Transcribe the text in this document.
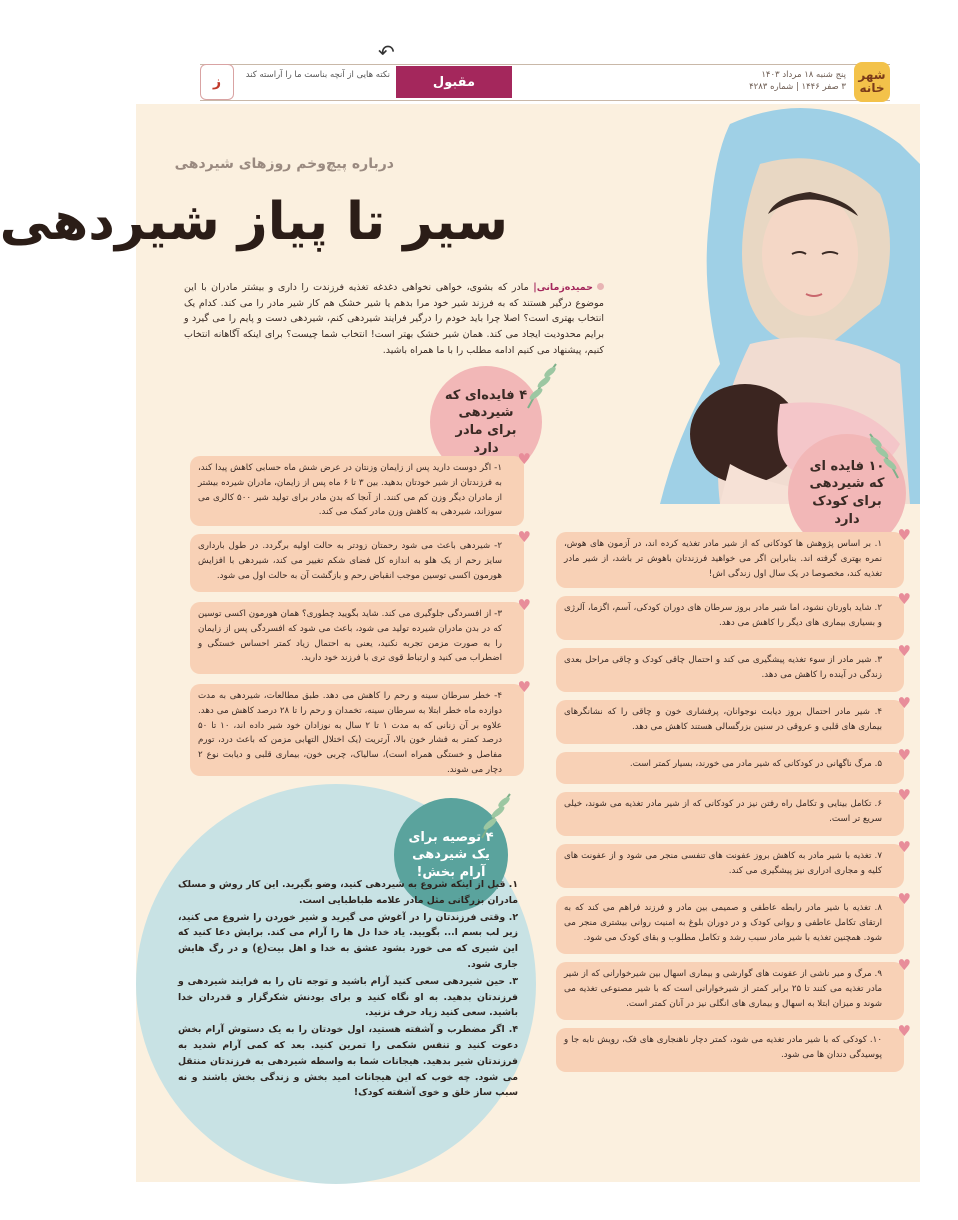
شهر
خانه
پنج شنبه ۱۸ مرداد ۱۴۰۳
۳ صفر ۱۴۴۶ | شماره ۴۲۸۳
مقبول
نکته هایی از آنچه بناست ما را آراسته کند
ز
↶
درباره پیچ‌وخم روزهای شیردهی
سیر تا پیاز شیردهی

حمیده‌زمانی| مادر که بشوی، خواهی نخواهی دغدغه تغذیه فرزندت را داری و بیشتر مادران با این موضوع درگیر هستند که به فرزند شیر خود مرا بدهم یا شیر خشک هم کار شیر مادر را می کند. کدام یک انتخاب بهتری است؟ اصلا چرا باید خودم را درگیر فرایند شیردهی کنم، شیردهی دست و پایم را می گیرد و برایم محدودیت ایجاد می کند. همان شیر خشک بهتر است! انتخاب شما چیست؟ برای اینکه آگاهانه انتخاب کنیم، پیشنهاد می کنیم ادامه مطلب را با ما همراه باشید.

۴ فایده‌ای که شیردهی برای مادر دارد
♥
۱- اگر دوست دارید پس از زایمان وزنتان در عرض شش ماه حسابی کاهش پیدا کند، به فرزندتان از شیر خودتان بدهید. بین ۳ تا ۶ ماه پس از زایمان، مادران شیرده بیشتر از مادران دیگر وزن کم می کنند. از آنجا که بدن مادر برای تولید شیر ۵۰۰ کالری می سوزاند، شیردهی به کاهش وزن مادر کمک می کند.
♥
۲- شیردهی باعث می شود رحمتان زودتر به حالت اولیه برگردد. در طول بارداری سایز رحم از یک هلو به اندازه کل فضای شکم تغییر می کند، شیردهی با افزایش هورمون اکسی توسین موجب انقباض رحم و بازگشت آن به حالت اول می شود.
♥
۳- از افسردگی جلوگیری می کند. شاید بگویید چطوری؟ همان هورمون اکسی توسین که در بدن مادران شیرده تولید می شود، باعث می شود که افسردگی پس از زایمان را به صورت مزمن تجربه نکنید، یعنی به احتمال زیاد کمتر احساس خستگی و اضطراب می کنید و ارتباط قوی تری با فرزند خود دارید.
♥
۴- خطر سرطان سینه و رحم را کاهش می دهد. طبق مطالعات، شیردهی به مدت دوازده ماه خطر ابتلا به سرطان سینه، تخمدان و رحم را تا ۲۸ درصد کاهش می دهد. علاوه بر آن زنانی که به مدت ۱ تا ۲ سال به نوزادان خود شیر داده اند، ۱۰ تا ۵۰ درصد کمتر به فشار خون بالا، آرتریت (یک اختلال التهابی مزمن که باعث درد، تورم مفاصل و خستگی همراه است)، سالیاک، چربی خون، بیماری قلبی و دیابت نوع ۲ دچار می شوند.
۱۰ فایده ای که شیردهی برای کودک دارد
♥
۱. بر اساس پژوهش ها کودکانی که از شیر مادر تغذیه کرده اند، در آزمون های هوش، نمره بهتری گرفته اند. بنابراین اگر می خواهید فرزندتان باهوش تر باشد، از شیر مادر تغذیه کند، مخصوصا در یک سال اول زندگی اش!
♥
۲. شاید باورتان نشود، اما شیر مادر بروز سرطان های دوران کودکی، آسم، اگزما، آلرژی و بسیاری بیماری های دیگر را کاهش می دهد.
♥
۳. شیر مادر از سوء تغذیه پیشگیری می کند و احتمال چاقی کودک و چاقی مراحل بعدی زندگی در آینده را کاهش می دهد.
♥
۴. شیر مادر احتمال بروز دیابت نوجوانان، پرفشاری خون و چاقی را که نشانگرهای بیماری های قلبی و عروقی در سنین بزرگسالی هستند کاهش می دهد.
♥
۵. مرگ ناگهانی در کودکانی که شیر مادر می خورند، بسیار کمتر است.
♥
۶. تکامل بینایی و تکامل راه رفتن نیز در کودکانی که از شیر مادر تغذیه می شوند، خیلی سریع تر است.
♥
۷. تغذیه با شیر مادر به کاهش بروز عفونت های تنفسی منجر می شود و از عفونت های کلیه و مجاری ادراری نیز پیشگیری می کند.
♥
۸. تغذیه با شیر مادر رابطه عاطفی و صمیمی بین مادر و فرزند فراهم می کند که به ارتقای تکامل عاطفی و روانی کودک و در دوران بلوغ به امنیت روانی بیشتری منجر می شود. همچنین تغذیه با شیر مادر سبب رشد و تکامل مطلوب و بقای کودک می شود.
♥
۹. مرگ و میر ناشی از عفونت های گوارشی و بیماری اسهال بین شیرخوارانی که از شیر مادر تغذیه می کنند تا ۲۵ برابر کمتر از شیرخوارانی است که با شیر مصنوعی تغذیه می شوند و میزان ابتلا به اسهال و بیماری های انگلی نیز در آنان کمتر است.
♥
۱۰. کودکی که با شیر مادر تغذیه می شود، کمتر دچار ناهنجاری های فک، رویش نابه جا و پوسیدگی دندان ها می شود.
۴ توصیه برای یک شیردهی آرام بخش!

۱. قبل از اینکه شروع به شیردهی کنید، وضو بگیرید. این کار روش و مسلک مادران بزرگانی مثل مادر علامه طباطبایی است.

۲. وقتی فرزندتان را در آغوش می گیرید و شیر خوردن را شروع می کنید، زیر لب بسم ا... بگویید. یاد خدا دل ها را آرام می کند. برایش دعا کنید که این شیری که می خورد بشود عشق به خدا و اهل بیت(ع) و در رگ هایش جاری شود.

۳. حین شیردهی سعی کنید آرام باشید و توجه تان را به فرایند شیردهی و فرزندتان بدهید. به او نگاه کنید و برای بودنش شکرگزار و قدردان خدا باشید. سعی کنید زیاد حرف نزنید.

۴. اگر مضطرب و آشفته هستید، اول خودتان را به یک دستوش آرام بخش دعوت کنید و تنفس شکمی را تمرین کنید. بعد که کمی آرام شدید به فرزندتان شیر بدهید. هیجانات شما به واسطه شیردهی به فرزندتان منتقل می شود. چه خوب که این هیجانات امید بخش و زندگی بخش باشند و نه سبب ساز خلق و خوی آشفته کودک!
